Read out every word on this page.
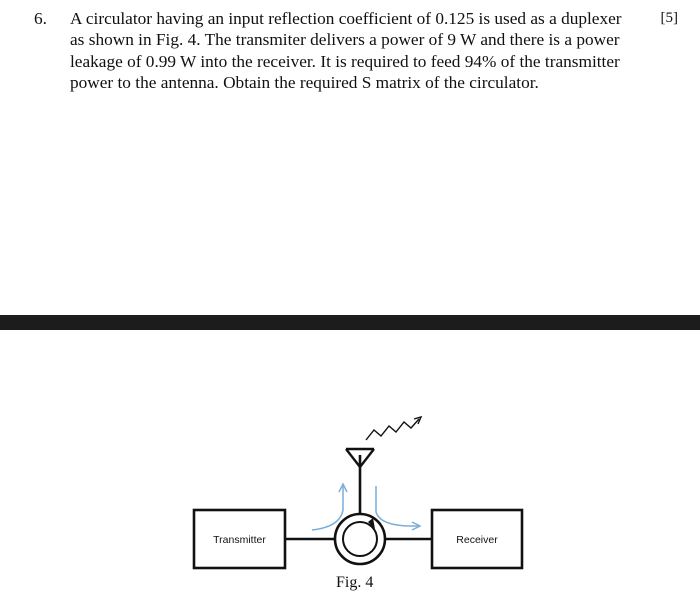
6. A circulator having an input reflection coefficient of 0.125 is used as a duplexer
as shown in Fig. 4. The transmiter delivers a power of 9 W and there is a power
leakage of 0.99 W into the receiver. It is required to feed 94% of the transmitter
power to the antenna. Obtain the required S matrix of the circulator.
[5]
Transmitter	Receiver
Fig. 4
